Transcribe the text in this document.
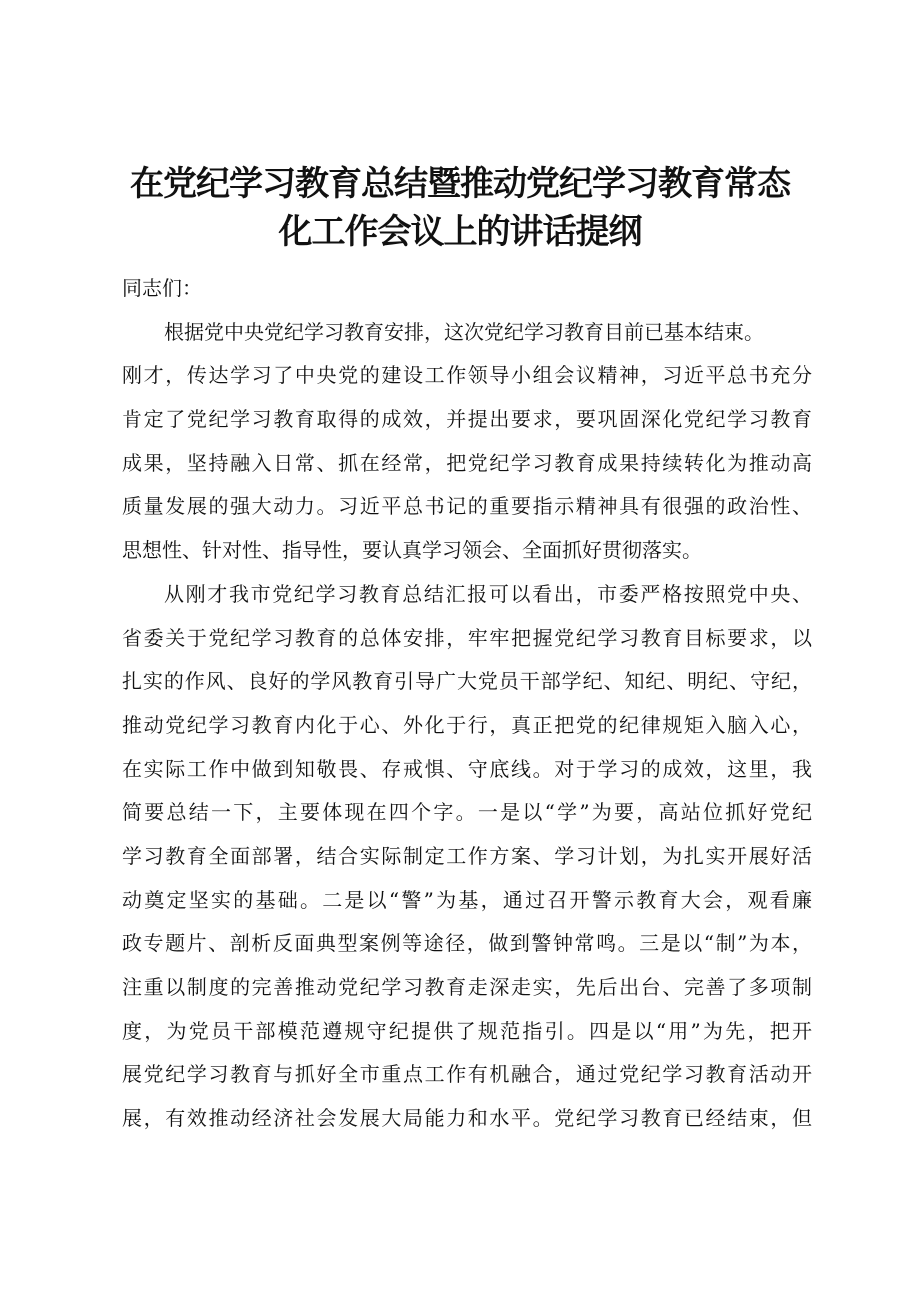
在党纪学习教育总结暨推动党纪学习教育常态
化工作会议上的讲话提纲
同志们：
根据党中央党纪学习教育安排，这次党纪学习教育目前已基本结束。
刚才，传达学习了中央党的建设工作领导小组会议精神，习近平总书充分
肯定了党纪学习教育取得的成效，并提出要求，要巩固深化党纪学习教育
成果，坚持融入日常、抓在经常，把党纪学习教育成果持续转化为推动高
质量发展的强大动力。习近平总书记的重要指示精神具有很强的政治性、
思想性、针对性、指导性，要认真学习领会、全面抓好贯彻落实。
从刚才我市党纪学习教育总结汇报可以看出，市委严格按照党中央、
省委关于党纪学习教育的总体安排，牢牢把握党纪学习教育目标要求，以
扎实的作风、良好的学风教育引导广大党员干部学纪、知纪、明纪、守纪，
推动党纪学习教育内化于心、外化于行，真正把党的纪律规矩入脑入心，
在实际工作中做到知敬畏、存戒惧、守底线。对于学习的成效，这里，我
简要总结一下，主要体现在四个字。一是以“学”为要，高站位抓好党纪
学习教育全面部署，结合实际制定工作方案、学习计划，为扎实开展好活
动奠定坚实的基础。二是以“警”为基，通过召开警示教育大会，观看廉
政专题片、剖析反面典型案例等途径，做到警钟常鸣。三是以“制”为本，
注重以制度的完善推动党纪学习教育走深走实，先后出台、完善了多项制
度，为党员干部模范遵规守纪提供了规范指引。四是以“用”为先，把开
展党纪学习教育与抓好全市重点工作有机融合，通过党纪学习教育活动开
展，有效推动经济社会发展大局能力和水平。党纪学习教育已经结束，但
